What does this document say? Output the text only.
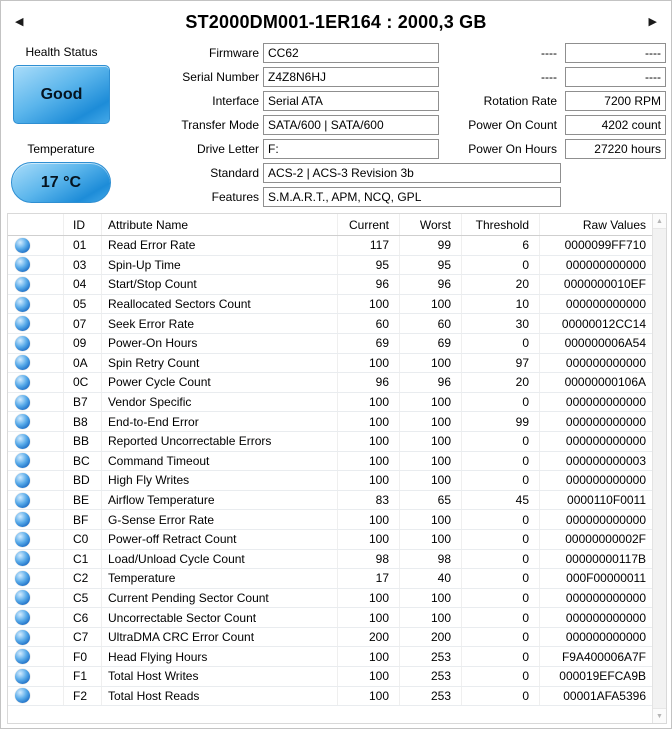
◀	ST2000DM001-1ER164 : 2000,3 GB	▶
Health Status
Good
Temperature
17 °C
Firmware CC62
Serial Number Z4Z8N6HJ
Interface Serial ATA
Transfer Mode SATA/600 | SATA/600
Drive Letter F:
Standard ACS-2 | ACS-3 Revision 3b
Features S.M.A.R.T., APM, NCQ, GPL
----	----
----	----
Rotation Rate	7200 RPM
Power On Count	4202 count
Power On Hours	27220 hours
ID	Attribute Name	Current	Worst	Threshold	Raw Values
01	Read Error Rate	117	99	6	0000099FF710
03	Spin-Up Time	95	95	0	000000000000
04	Start/Stop Count	96	96	20	0000000010EF
05	Reallocated Sectors Count	100	100	10	000000000000
07	Seek Error Rate	60	60	30	00000012CC14
09	Power-On Hours	69	69	0	000000006A54
0A	Spin Retry Count	100	100	97	000000000000
0C	Power Cycle Count	96	96	20	00000000106A
B7	Vendor Specific	100	100	0	000000000000
B8	End-to-End Error	100	100	99	000000000000
BB	Reported Uncorrectable Errors	100	100	0	000000000000
BC	Command Timeout	100	100	0	000000000003
BD	High Fly Writes	100	100	0	000000000000
BE	Airflow Temperature	83	65	45	0000110F0011
BF	G-Sense Error Rate	100	100	0	000000000000
C0	Power-off Retract Count	100	100	0	00000000002F
C1	Load/Unload Cycle Count	98	98	0	00000000117B
C2	Temperature	17	40	0	000F00000011
C5	Current Pending Sector Count	100	100	0	000000000000
C6	Uncorrectable Sector Count	100	100	0	000000000000
C7	UltraDMA CRC Error Count	200	200	0	000000000000
F0	Head Flying Hours	100	253	0	F9A400006A7F
F1	Total Host Writes	100	253	0	000019EFCA9B
F2	Total Host Reads	100	253	0	00001AFA5396
▲
▼
